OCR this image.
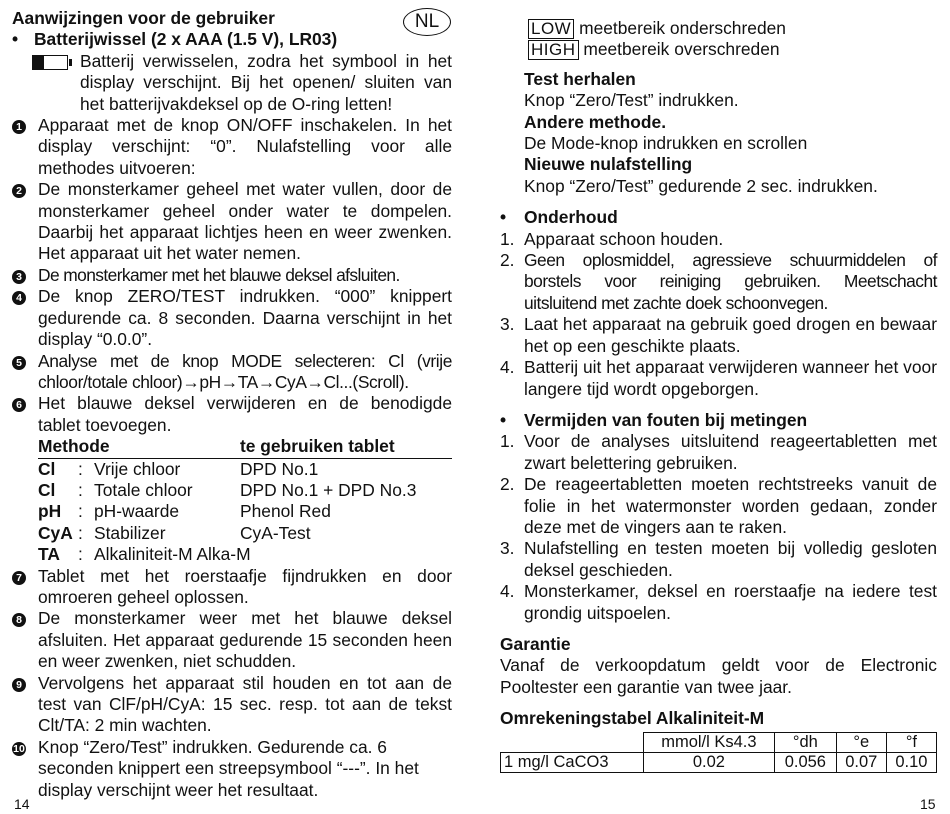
Aanwijzingen voor de gebruiker
• Batterijwissel (2 x AAA (1.5 V), LR03)
Batterij verwisselen, zodra het symbool in het display verschijnt. Bij het openen/ sluiten van het batterijvakdeksel op de O-ring letten!
1 Apparaat met de knop ON/OFF inschakelen. In het display verschijnt: “0”. Nulafstelling voor alle methodes uitvoeren:
2 De monsterkamer geheel met water vullen, door de monsterkamer geheel onder water te dompelen. Daarbij het apparaat lichtjes heen en weer zwenken. Het apparaat uit het water nemen.
3 De monsterkamer met het blauwe deksel afsluiten.
4 De knop ZERO/TEST indrukken. “000” knippert gedurende ca. 8 seconden. Daarna verschijnt in het display “0.0.0”.
5 Analyse met de knop MODE selecteren: Cl (vrije chloor/totale chloor)→pH→TA→CyA→Cl...(Scroll).
6 Het blauwe deksel verwijderen en de benodigde tablet toevoegen.
Methode			te gebruiken tablet
Cl	:	Vrije chloor	DPD No.1
Cl	:	Totale chloor	DPD No.1 + DPD No.3
pH	:	pH-waarde	Phenol Red
CyA	:	Stabilizer	CyA-Test
TA	:	Alkaliniteit-M Alka-M	
7 Tablet met het roerstaafje fijndrukken en door omroeren geheel oplossen.
8 De monsterkamer weer met het blauwe deksel afsluiten. Het apparaat gedurende 15 seconden heen en weer zwenken, niet schudden.
9 Vervolgens het apparaat stil houden en tot aan de test van ClF/pH/CyA: 15 sec. resp. tot aan de tekst Clt/TA: 2 min wachten.
10 Knop “Zero/Test” indrukken. Gedurende ca. 6 seconden knippert een streepsymbool “---”. In het display verschijnt weer het resultaat.
NL	LOW meetbereik onderschreden
HIGH meetbereik overschreden
Test herhalen

Knop “Zero/Test” indrukken.

Andere methode.

De Mode-knop indrukken en scrollen

Nieuwe nulafstelling

Knop “Zero/Test” gedurende 2 sec. indrukken.

•	Onderhoud
1. Apparaat schoon houden.
2. Geen oplosmiddel, agressieve schuurmiddelen of borstels voor reiniging gebruiken. Meetschacht uitsluitend met zachte doek schoonvegen.
3. Laat het apparaat na gebruik goed drogen en bewaar het op een geschikte plaats.
4. Batterij uit het apparaat verwijderen wanneer het voor langere tijd wordt opgeborgen.
•	Vermijden van fouten bij metingen
1. Voor de analyses uitsluitend reageertabletten met zwart belettering gebruiken.
2. De reageertabletten moeten rechtstreeks vanuit de folie in het watermonster worden gedaan, zonder deze met de vingers aan te raken.
3. Nulafstelling en testen moeten bij volledig gesloten deksel geschieden.
4. Monsterkamer, deksel en roerstaafje na iedere test grondig uitspoelen.
Garantie

Vanaf de verkoopdatum geldt voor de Electronic Pooltester een garantie van twee jaar.

Omrekeningstabel Alkaliniteit-M
	mmol/l Ks4.3	°dh	°e	°f
1 mg/l CaCO3	0.02	0.056	0.07	0.10
14	15
